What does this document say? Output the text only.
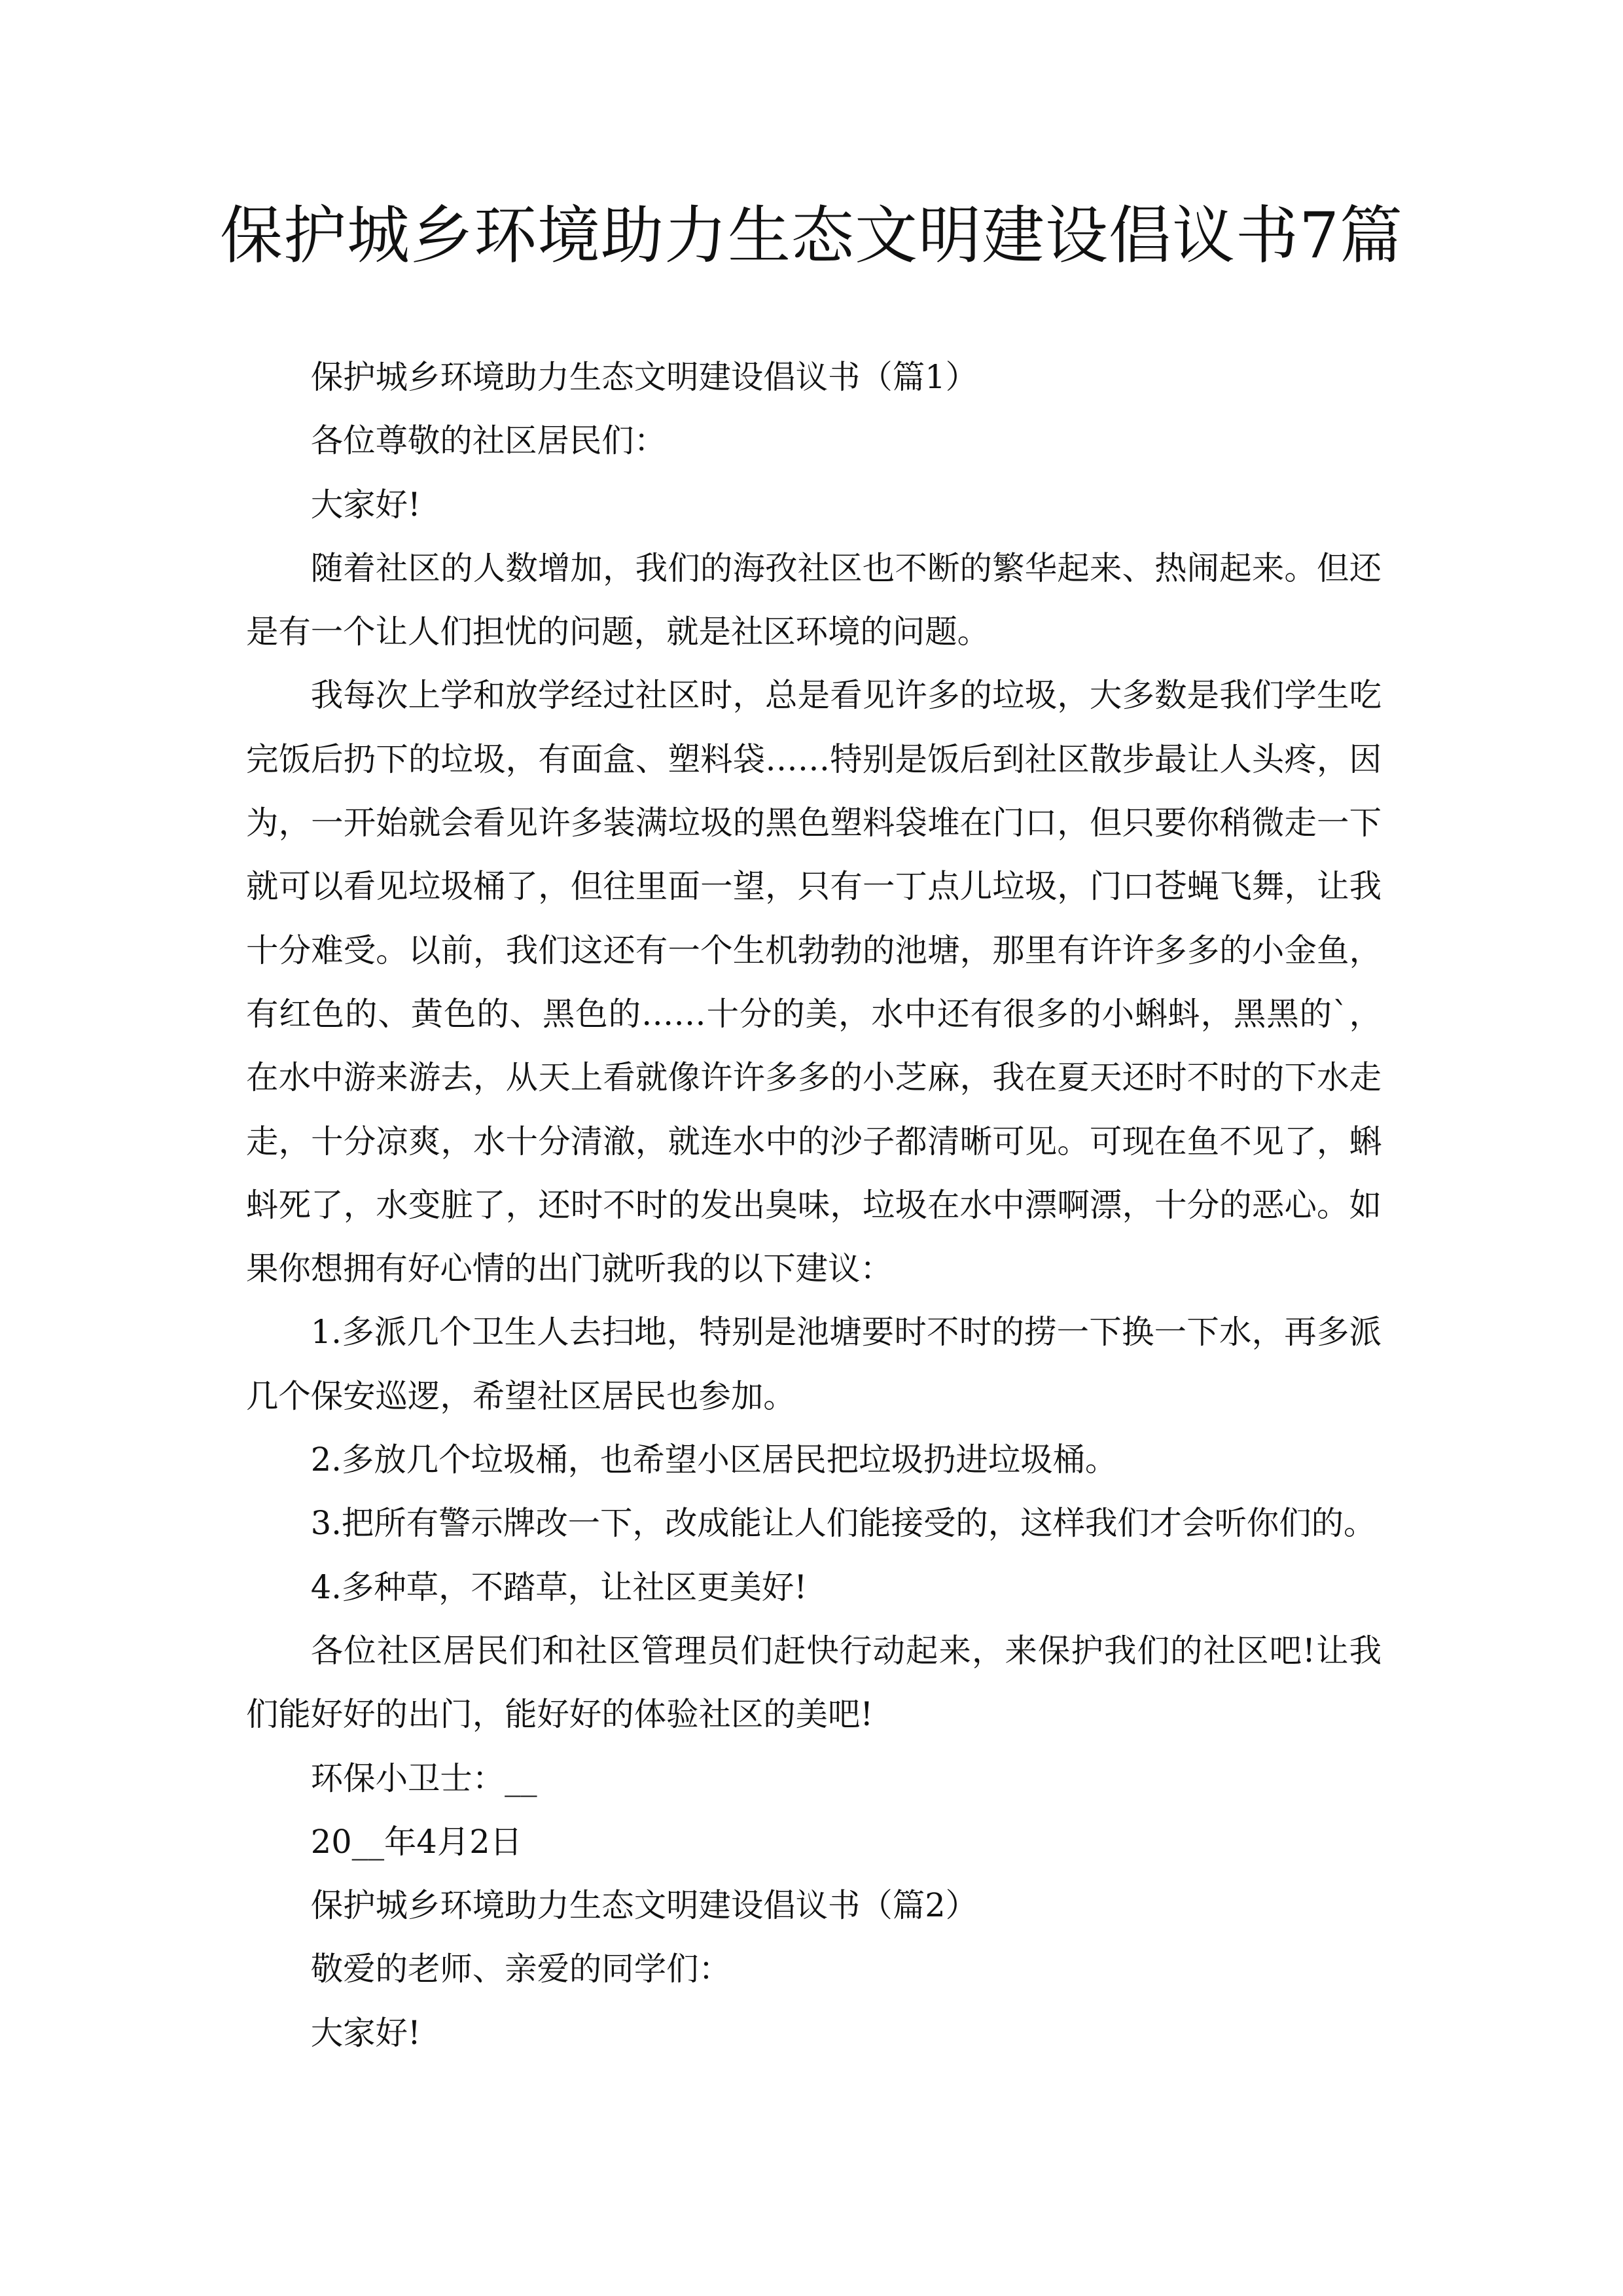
保护城乡环境助力生态文明建设倡议书7篇

保护城乡环境助力生态文明建设倡议书（篇1）

各位尊敬的社区居民们：

大家好!

随着社区的人数增加，我们的海孜社区也不断的繁华起来、热闹起来。但还是有一个让人们担忧的问题，就是社区环境的问题。

我每次上学和放学经过社区时，总是看见许多的垃圾，大多数是我们学生吃完饭后扔下的垃圾，有面盒、塑料袋……特别是饭后到社区散步最让人头疼，因为，一开始就会看见许多装满垃圾的黑色塑料袋堆在门口，但只要你稍微走一下就可以看见垃圾桶了，但往里面一望，只有一丁点儿垃圾，门口苍蝇飞舞，让我十分难受。以前，我们这还有一个生机勃勃的池塘，那里有许许多多的小金鱼，有红色的、黄色的、黑色的……十分的美，水中还有很多的小蝌蚪，黑黑的`，在水中游来游去，从天上看就像许许多多的小芝麻，我在夏天还时不时的下水走走，十分凉爽，水十分清澈，就连水中的沙子都清晰可见。可现在鱼不见了，蝌蚪死了，水变脏了，还时不时的发出臭味，垃圾在水中漂啊漂，十分的恶心。如果你想拥有好心情的出门就听我的以下建议：

1.多派几个卫生人去扫地，特别是池塘要时不时的捞一下换一下水，再多派几个保安巡逻，希望社区居民也参加。

2.多放几个垃圾桶，也希望小区居民把垃圾扔进垃圾桶。

3.把所有警示牌改一下，改成能让人们能接受的，这样我们才会听你们的。

4.多种草，不踏草，让社区更美好!

各位社区居民们和社区管理员们赶快行动起来，来保护我们的社区吧!让我们能好好的出门，能好好的体验社区的美吧!

环保小卫士：__

20__年4月2日

保护城乡环境助力生态文明建设倡议书（篇2）

敬爱的老师、亲爱的同学们：

大家好!
